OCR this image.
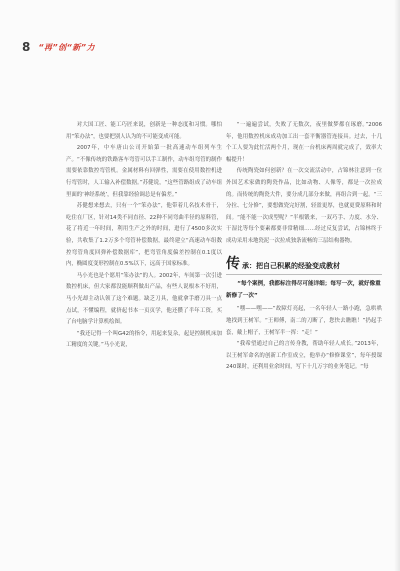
8 “再”创“新”力

对大国工匠、能工巧匠来说，创新是一种态度和习惯。哪怕用“笨办法”，也要把别人认为的不可能变成可能。

2007年，中车唐山公司开始第一批高速动车组列车生产。“不像传统的铁路客车弯管可以手工制作，动车组弯管的制作需要依靠数控弯管机。金属材料有回弹性，需要在使用数控机进行弯管时，人工输入补偿数据。”苏健说，“这些管路组成了动车组里面的‘神经系统’，但我靠经验调总是有偏差。”

苏健想来想去，只有一个“笨办法”，他带着几名技术骨干，吃住在厂区，针对14类不同直径、22种不同弯曲半径的原料管，花了将近一年时间，利用生产之外的时间，进行了4500多次实验，共收集了1.2万多个弯管补偿数据，最终建立“高速动车组数控弯管角度回弹补偿数据库”，把弯管角度偏差控制在0.1度以内，椭圆度变形控制在0.5%以下，远高于国家标准。

马小光也是个愿用“笨办法”的人。2002年，车间第一次引进数控机床，但大家都没能顺利做出产品，有些人说根本不好用，马小光却主动认领了这个难题。缺乏刀具，他就拿手磨刀具一点点试，不懂编程，就挤起书本一页页学，他还攒了半年工资，买了台电脑学计算机绘图。

“我还记得一个叫G42的指令，用起来复杂，起是控制机床加工精度的关键。”马小光说，

“一遍遍尝试，失败了无数次，夜里做梦都在琢磨。”2006年，他用数控机床成功加工出一套平衡器管连接具。过去，十几个工人要为此忙活两个月，现在一台机床两周就完成了，效率大幅提升！

传统陶瓷如何创新？在一次交流活动中，占锦林注意到一位外国艺术家做的陶瓷作品，比如动物、人像等，都是一次拉成的。而传统的陶瓷大件，要分成几部分来做，再组合到一起。“三分拉、七分修”，要想做瓷完好割，轻盈更厚，也就更费原料和时间。“能不能一次成型呢？”半根锻来，一双巧手、力度、水分、干湿比等每个要素都要非常精细……经过反复尝试，占锦林终于成功采用未地瓷泥一次拉成独条流畅的三层结构器物。

传 承：把自己积累的经验变成教材
“每个案例，我都标注得尽可能详细；每写一次，就好像重新修了一次”

“嘿——嘿——”故障灯亮起，一名年轻人一路小跑，急哄哄地找到王树军。“王师傅，南二的刀断了，您快去瞧瞧！”扔起手套，戴上帽子，王树军半一挥：“走！”

“我希望通过自己的言传身教，帮助年轻人成长。”2013年，以王树军命名的创新工作室成立，他举办“修修课堂”，每年授课240课时，还利用业余时间，写下十几万字的业务笔记。“每
